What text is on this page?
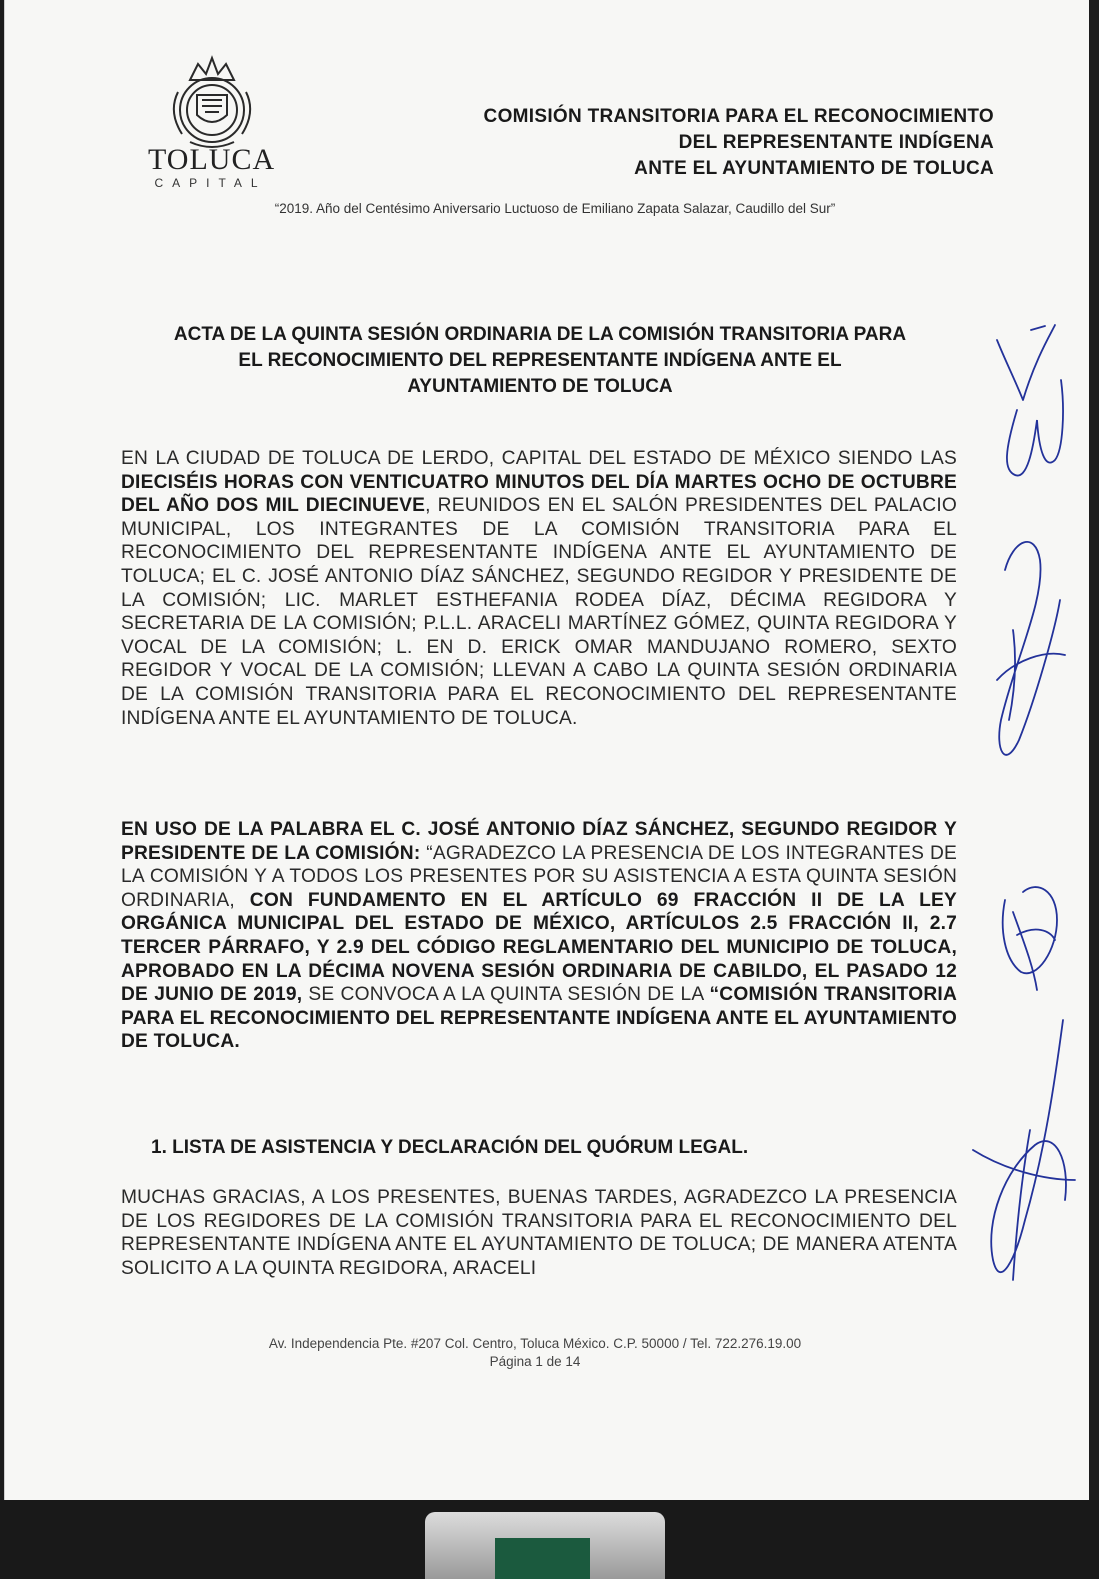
TOLUCA
CAPITAL
COMISIÓN TRANSITORIA PARA EL RECONOCIMIENTO
DEL REPRESENTANTE INDÍGENA
ANTE EL AYUNTAMIENTO DE TOLUCA
“2019. Año del Centésimo Aniversario Luctuoso de Emiliano Zapata Salazar, Caudillo del Sur”
ACTA DE LA QUINTA SESIÓN ORDINARIA DE LA COMISIÓN TRANSITORIA PARA
EL RECONOCIMIENTO DEL REPRESENTANTE INDÍGENA ANTE EL
AYUNTAMIENTO DE TOLUCA
EN LA CIUDAD DE TOLUCA DE LERDO, CAPITAL DEL ESTADO DE MÉXICO SIENDO LAS DIECISÉIS HORAS CON VENTICUATRO MINUTOS DEL DÍA MARTES OCHO DE OCTUBRE DEL AÑO DOS MIL DIECINUEVE, REUNIDOS EN EL SALÓN PRESIDENTES DEL PALACIO MUNICIPAL, LOS INTEGRANTES DE LA COMISIÓN TRANSITORIA PARA EL RECONOCIMIENTO DEL REPRESENTANTE INDÍGENA ANTE EL AYUNTAMIENTO DE TOLUCA; EL C. JOSÉ ANTONIO DÍAZ SÁNCHEZ, SEGUNDO REGIDOR Y PRESIDENTE DE LA COMISIÓN; LIC. MARLET ESTHEFANIA RODEA DÍAZ, DÉCIMA REGIDORA Y SECRETARIA DE LA COMISIÓN; P.L.L. ARACELI MARTÍNEZ GÓMEZ, QUINTA REGIDORA Y VOCAL DE LA COMISIÓN; L. EN D. ERICK OMAR MANDUJANO ROMERO, SEXTO REGIDOR Y VOCAL DE LA COMISIÓN; LLEVAN A CABO LA QUINTA SESIÓN ORDINARIA DE LA COMISIÓN TRANSITORIA PARA EL RECONOCIMIENTO DEL REPRESENTANTE INDÍGENA ANTE EL AYUNTAMIENTO DE TOLUCA.
EN USO DE LA PALABRA EL C. JOSÉ ANTONIO DÍAZ SÁNCHEZ, SEGUNDO REGIDOR Y PRESIDENTE DE LA COMISIÓN: “AGRADEZCO LA PRESENCIA DE LOS INTEGRANTES DE LA COMISIÓN Y A TODOS LOS PRESENTES POR SU ASISTENCIA A ESTA QUINTA SESIÓN ORDINARIA, CON FUNDAMENTO EN EL ARTÍCULO 69 FRACCIÓN II DE LA LEY ORGÁNICA MUNICIPAL DEL ESTADO DE MÉXICO, ARTÍCULOS 2.5 FRACCIÓN II, 2.7 TERCER PÁRRAFO, Y 2.9 DEL CÓDIGO REGLAMENTARIO DEL MUNICIPIO DE TOLUCA, APROBADO EN LA DÉCIMA NOVENA SESIÓN ORDINARIA DE CABILDO, EL PASADO 12 DE JUNIO DE 2019, SE CONVOCA A LA QUINTA SESIÓN DE LA “COMISIÓN TRANSITORIA PARA EL RECONOCIMIENTO DEL REPRESENTANTE INDÍGENA ANTE EL AYUNTAMIENTO DE TOLUCA.
1. LISTA DE ASISTENCIA Y DECLARACIÓN DEL QUÓRUM LEGAL.
MUCHAS GRACIAS, A LOS PRESENTES, BUENAS TARDES, AGRADEZCO LA PRESENCIA DE LOS REGIDORES DE LA COMISIÓN TRANSITORIA PARA EL RECONOCIMIENTO DEL REPRESENTANTE INDÍGENA ANTE EL AYUNTAMIENTO DE TOLUCA; DE MANERA ATENTA SOLICITO A LA QUINTA REGIDORA, ARACELI
Av. Independencia Pte. #207 Col. Centro, Toluca México. C.P. 50000 / Tel. 722.276.19.00
Página 1 de 14
